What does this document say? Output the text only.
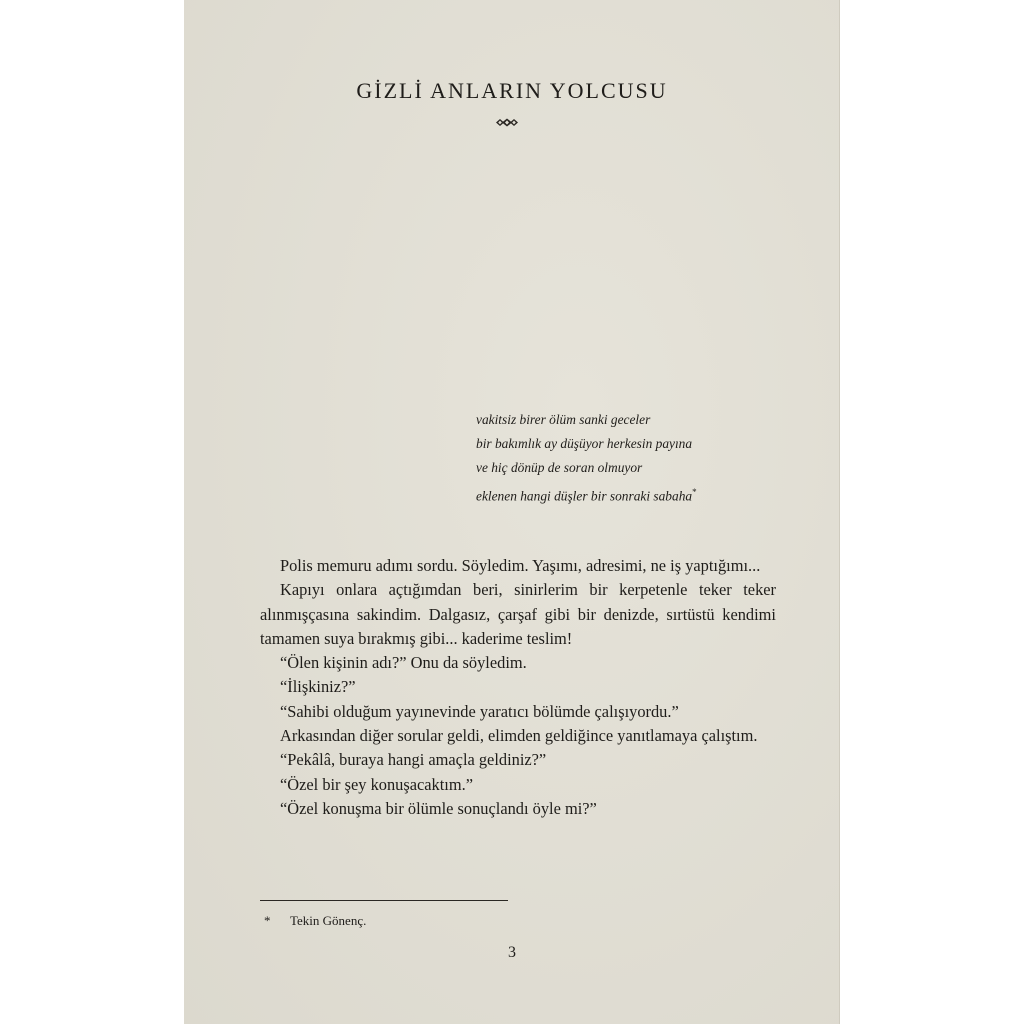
GİZLİ ANLARIN YOLCUSU
vakitsiz birer ölüm sanki geceler
bir bakımlık ay düşüyor herkesin payına
ve hiç dönüp de soran olmuyor
eklenen hangi düşler bir sonraki sabaha*
Polis memuru adımı sordu. Söyledim. Yaşımı, adresimi, ne iş yaptığımı...
Kapıyı onlara açtığımdan beri, sinirlerim bir kerpetenle teker teker alınmışçasına sakindim. Dalgasız, çarşaf gibi bir denizde, sırtüstü kendimi tamamen suya bırakmış gibi... kaderime teslim!
“Ölen kişinin adı?” Onu da söyledim.
“İlişkiniz?”
“Sahibi olduğum yayınevinde yaratıcı bölümde çalışıyordu.”
Arkasından diğer sorular geldi, elimden geldiğince yanıtlamaya çalıştım.
“Pekâlâ, buraya hangi amaçla geldiniz?”
“Özel bir şey konuşacaktım.”
“Özel konuşma bir ölümle sonuçlandı öyle mi?”
* Tekin Gönenç.
3
